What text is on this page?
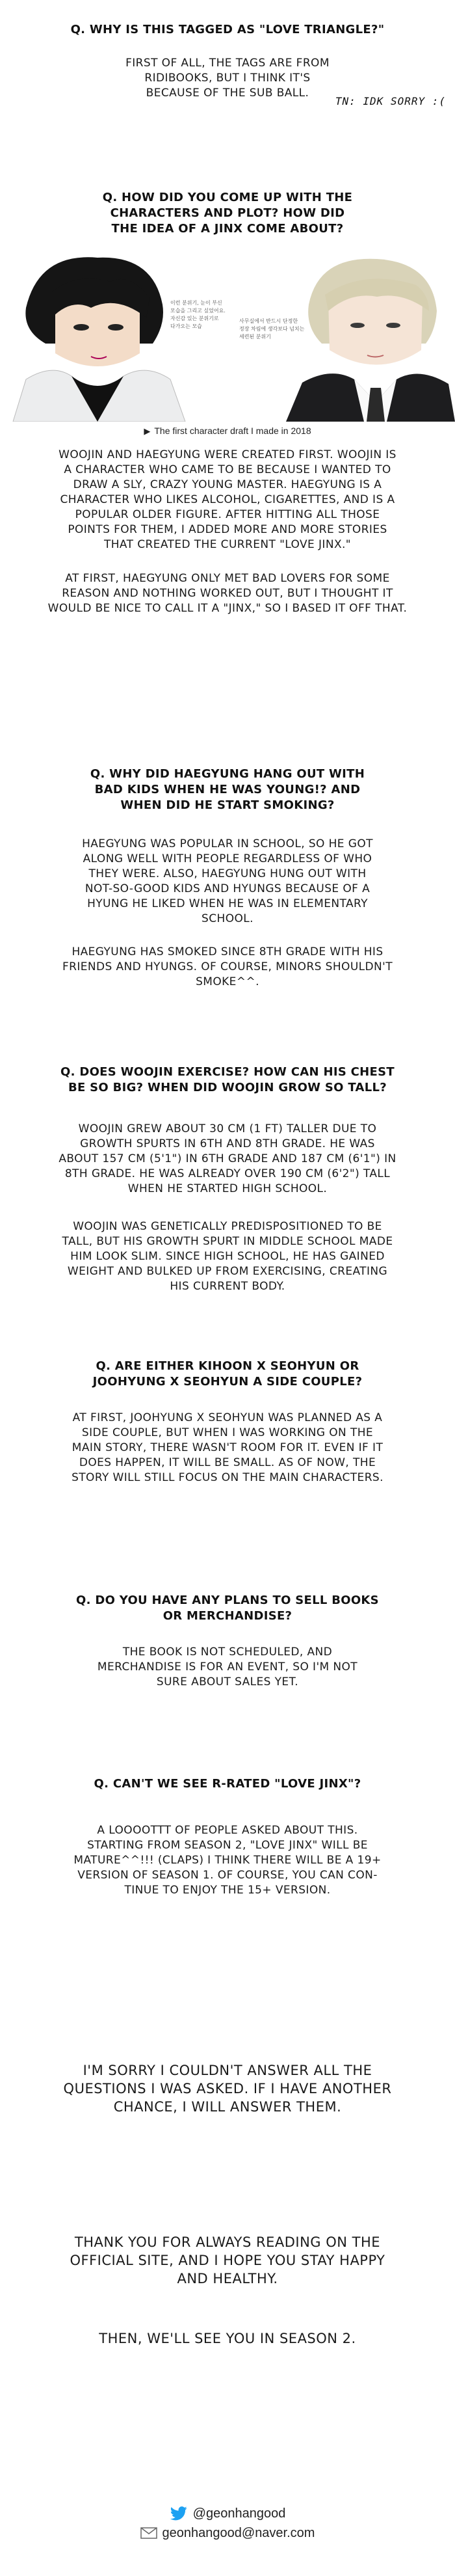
Q. WHY IS THIS TAGGED AS "LOVE TRIANGLE?"

FIRST OF ALL, THE TAGS ARE FROM
RIDIBOOKS, BUT I THINK IT'S
BECAUSE OF THE SUB BALL.

TN: IDK SORRY :(

Q. HOW DID YOU COME UP WITH THE
CHARACTERS AND PLOT? HOW DID
THE IDEA OF A JINX COME ABOUT?

이런 분위기, 눈이 부신
모습을 그리고 싶었어요.
자신감 있는 분위기로
다가오는 모습
사무실에서 반드시 단정한
정장 차림에 생각보다 넘치는
세련된 분위기
▶ The first character draft I made in 2018

WOOJIN AND HAEGYUNG WERE CREATED FIRST. WOOJIN IS
A CHARACTER WHO CAME TO BE BECAUSE I WANTED TO
DRAW A SLY, CRAZY YOUNG MASTER. HAEGYUNG IS A
CHARACTER WHO LIKES ALCOHOL, CIGARETTES, AND IS A
POPULAR OLDER FIGURE. AFTER HITTING ALL THOSE
POINTS FOR THEM, I ADDED MORE AND MORE STORIES
THAT CREATED THE CURRENT "LOVE JINX."

AT FIRST, HAEGYUNG ONLY MET BAD LOVERS FOR SOME
REASON AND NOTHING WORKED OUT, BUT I THOUGHT IT
WOULD BE NICE TO CALL IT A "JINX," SO I BASED IT OFF THAT.

Q. WHY DID HAEGYUNG HANG OUT WITH
BAD KIDS WHEN HE WAS YOUNG!? AND
WHEN DID HE START SMOKING?

HAEGYUNG WAS POPULAR IN SCHOOL, SO HE GOT
ALONG WELL WITH PEOPLE REGARDLESS OF WHO
THEY WERE. ALSO, HAEGYUNG HUNG OUT WITH
NOT-SO-GOOD KIDS AND HYUNGS BECAUSE OF A
HYUNG HE LIKED WHEN HE WAS IN ELEMENTARY
SCHOOL.

HAEGYUNG HAS SMOKED SINCE 8TH GRADE WITH HIS
FRIENDS AND HYUNGS. OF COURSE, MINORS SHOULDN'T
SMOKE^^.

Q. DOES WOOJIN EXERCISE? HOW CAN HIS CHEST
BE SO BIG? WHEN DID WOOJIN GROW SO TALL?

WOOJIN GREW ABOUT 30 CM (1 FT) TALLER DUE TO
GROWTH SPURTS IN 6TH AND 8TH GRADE. HE WAS
ABOUT 157 CM (5'1") IN 6TH GRADE AND 187 CM (6'1") IN
8TH GRADE. HE WAS ALREADY OVER 190 CM (6'2") TALL
WHEN HE STARTED HIGH SCHOOL.

WOOJIN WAS GENETICALLY PREDISPOSITIONED TO BE
TALL, BUT HIS GROWTH SPURT IN MIDDLE SCHOOL MADE
HIM LOOK SLIM. SINCE HIGH SCHOOL, HE HAS GAINED
WEIGHT AND BULKED UP FROM EXERCISING, CREATING
HIS CURRENT BODY.

Q. ARE EITHER KIHOON X SEOHYUN OR
JOOHYUNG X SEOHYUN A SIDE COUPLE?

AT FIRST, JOOHYUNG X SEOHYUN WAS PLANNED AS A
SIDE COUPLE, BUT WHEN I WAS WORKING ON THE
MAIN STORY, THERE WASN'T ROOM FOR IT. EVEN IF IT
DOES HAPPEN, IT WILL BE SMALL. AS OF NOW, THE
STORY WILL STILL FOCUS ON THE MAIN CHARACTERS.

Q. DO YOU HAVE ANY PLANS TO SELL BOOKS
OR MERCHANDISE?

THE BOOK IS NOT SCHEDULED, AND
MERCHANDISE IS FOR AN EVENT, SO I'M NOT
SURE ABOUT SALES YET.

Q. CAN'T WE SEE R-RATED "LOVE JINX"?

A LOOOOTTT OF PEOPLE ASKED ABOUT THIS.
STARTING FROM SEASON 2, "LOVE JINX" WILL BE
MATURE^^!!! (CLAPS) I THINK THERE WILL BE A 19+
VERSION OF SEASON 1. OF COURSE, YOU CAN CON-
TINUE TO ENJOY THE 15+ VERSION.

I'M SORRY I COULDN'T ANSWER ALL THE
QUESTIONS I WAS ASKED. IF I HAVE ANOTHER
CHANCE, I WILL ANSWER THEM.

THANK YOU FOR ALWAYS READING ON THE
OFFICIAL SITE, AND I HOPE YOU STAY HAPPY
AND HEALTHY.

THEN, WE'LL SEE YOU IN SEASON 2.

@geonhangood
geonhangood@naver.com
